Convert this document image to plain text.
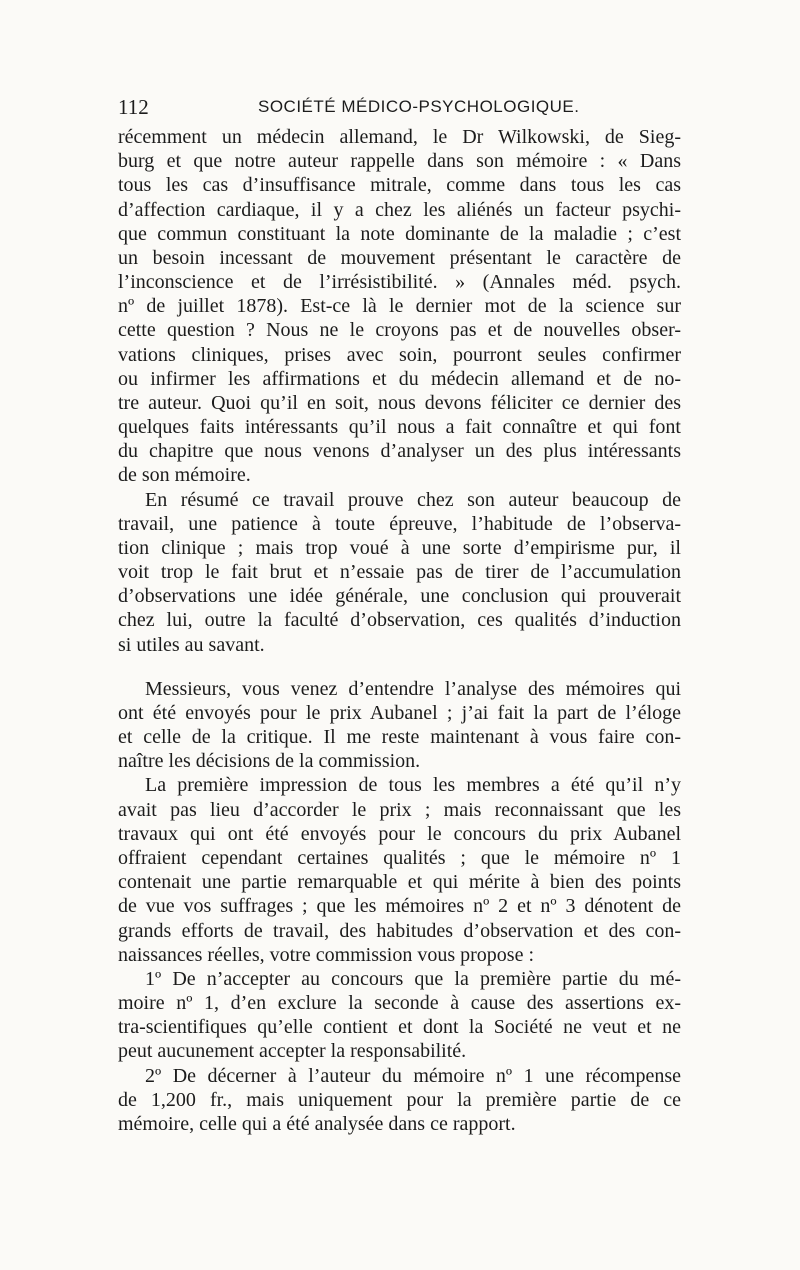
112	SOCIÉTÉ MÉDICO-PSYCHOLOGIQUE.
récemment un médecin allemand, le Dr Wilkowski, de Sieg-
burg et que notre auteur rappelle dans son mémoire : « Dans
tous les cas d’insuffisance mitrale, comme dans tous les cas
d’affection cardiaque, il y a chez les aliénés un facteur psychi-
que commun constituant la note dominante de la maladie ; c’est
un besoin incessant de mouvement présentant le caractère de
l’inconscience et de l’irrésistibilité. » (Annales méd. psych.
nº de juillet 1878). Est-ce là le dernier mot de la science sur
cette question ? Nous ne le croyons pas et de nouvelles obser-
vations cliniques, prises avec soin, pourront seules confirmer
ou infirmer les affirmations et du médecin allemand et de no-
tre auteur. Quoi qu’il en soit, nous devons féliciter ce dernier des
quelques faits intéressants qu’il nous a fait connaître et qui font
du chapitre que nous venons d’analyser un des plus intéressants
de son mémoire.
En résumé ce travail prouve chez son auteur beaucoup de
travail, une patience à toute épreuve, l’habitude de l’observa-
tion clinique ; mais trop voué à une sorte d’empirisme pur, il
voit trop le fait brut et n’essaie pas de tirer de l’accumulation
d’observations une idée générale, une conclusion qui prouverait
chez lui, outre la faculté d’observation, ces qualités d’induction
si utiles au savant.
Messieurs, vous venez d’entendre l’analyse des mémoires qui
ont été envoyés pour le prix Aubanel ; j’ai fait la part de l’éloge
et celle de la critique. Il me reste maintenant à vous faire con-
naître les décisions de la commission.
La première impression de tous les membres a été qu’il n’y
avait pas lieu d’accorder le prix ; mais reconnaissant que les
travaux qui ont été envoyés pour le concours du prix Aubanel
offraient cependant certaines qualités ; que le mémoire nº 1
contenait une partie remarquable et qui mérite à bien des points
de vue vos suffrages ; que les mémoires nº 2 et nº 3 dénotent de
grands efforts de travail, des habitudes d’observation et des con-
naissances réelles, votre commission vous propose :
1º De n’accepter au concours que la première partie du mé-
moire nº 1, d’en exclure la seconde à cause des assertions ex-
tra-scientifiques qu’elle contient et dont la Société ne veut et ne
peut aucunement accepter la responsabilité.
2º De décerner à l’auteur du mémoire nº 1 une récompense
de 1,200 fr., mais uniquement pour la première partie de ce
mémoire, celle qui a été analysée dans ce rapport.
